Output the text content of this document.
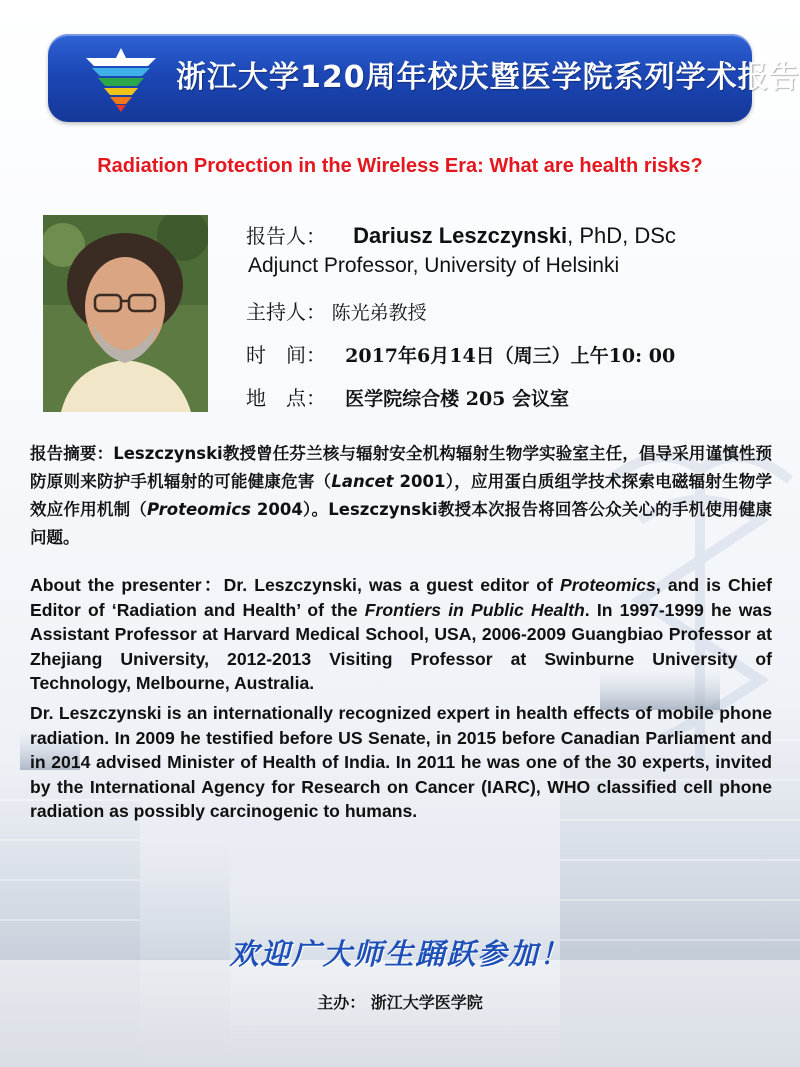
浙江大学120周年校庆暨医学院系列学术报告
Radiation Protection in the Wireless Era: What are health risks?
报告人： Dariusz Leszczynski, PhD, DSc
Adjunct Professor, University of Helsinki
主持人： 陈光弟教授
时　间： 2017年6月14日（周三）上午10: 00
地　点： 医学院综合楼 205 会议室
报告摘要：Leszczynski教授曾任芬兰核与辐射安全机构辐射生物学实验室主任，倡导采用谨慎性预防原则来防护手机辐射的可能健康危害（Lancet 2001），应用蛋白质组学技术探索电磁辐射生物学效应作用机制（Proteomics 2004）。Leszczynski教授本次报告将回答公众关心的手机使用健康问题。

About the presenter：Dr. Leszczynski, was a guest editor of Proteomics, and is Chief Editor of ‘Radiation and Health’ of the Frontiers in Public Health. In 1997-1999 he was Assistant Professor at Harvard Medical School, USA, 2006-2009 Guangbiao Professor at Zhejiang University, 2012-2013 Visiting Professor at Swinburne University of Technology, Melbourne, Australia.

Dr. Leszczynski is an internationally recognized expert in health effects of mobile phone radiation. In 2009 he testified before US Senate, in 2015 before Canadian Parliament and in 2014 advised Minister of Health of India. In 2011 he was one of the 30 experts, invited by the International Agency for Research on Cancer (IARC), WHO classified cell phone radiation as possibly carcinogenic to humans.

欢迎广大师生踊跃参加！
主办： 浙江大学医学院
